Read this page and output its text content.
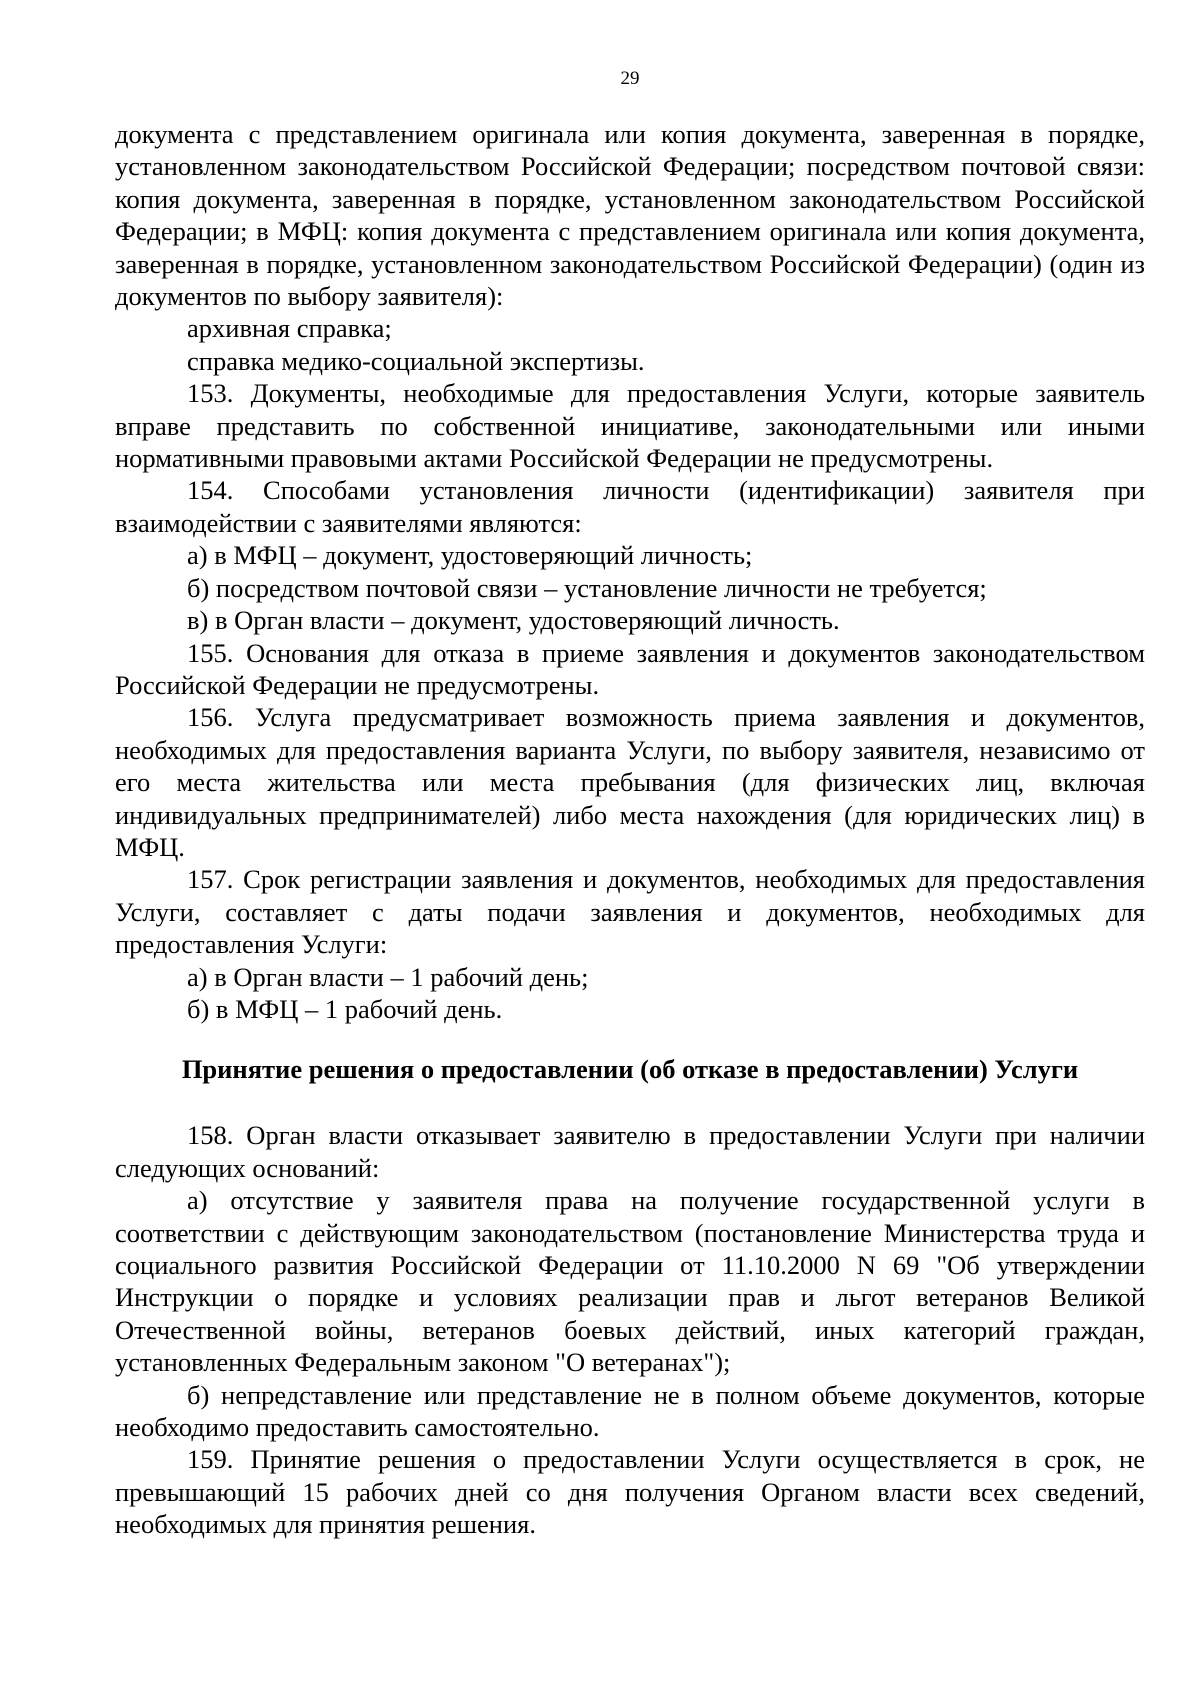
29

документа с представлением оригинала или копия документа, заверенная в порядке, установленном законодательством Российской Федерации; посредством почтовой связи: копия документа, заверенная в порядке, установленном законодательством Российской Федерации; в МФЦ: копия документа с представлением оригинала или копия документа, заверенная в порядке, установленном законодательством Российской Федерации) (один из документов по выбору заявителя):

архивная справка;

справка медико-социальной экспертизы.

153. Документы, необходимые для предоставления Услуги, которые заявитель вправе представить по собственной инициативе, законодательными или иными нормативными правовыми актами Российской Федерации не предусмотрены.

154. Способами установления личности (идентификации) заявителя при взаимодействии с заявителями являются:

а) в МФЦ – документ, удостоверяющий личность;

б) посредством почтовой связи – установление личности не требуется;

в) в Орган власти – документ, удостоверяющий личность.

155. Основания для отказа в приеме заявления и документов законодательством Российской Федерации не предусмотрены.

156. Услуга предусматривает возможность приема заявления и документов, необходимых для предоставления варианта Услуги, по выбору заявителя, независимо от его места жительства или места пребывания (для физических лиц, включая индивидуальных предпринимателей) либо места нахождения (для юридических лиц) в МФЦ.

157. Срок регистрации заявления и документов, необходимых для предоставления Услуги, составляет с даты подачи заявления и документов, необходимых для предоставления Услуги:

а) в Орган власти – 1 рабочий день;

б) в МФЦ – 1 рабочий день.

Принятие решения о предоставлении (об отказе в предоставлении) Услуги

158. Орган власти отказывает заявителю в предоставлении Услуги при наличии следующих оснований:

а) отсутствие у заявителя права на получение государственной услуги в соответствии с действующим законодательством (постановление Министерства труда и социального развития Российской Федерации от 11.10.2000 N 69 "Об утверждении Инструкции о порядке и условиях реализации прав и льгот ветеранов Великой Отечественной войны, ветеранов боевых действий, иных категорий граждан, установленных Федеральным законом "О ветеранах");

б) непредставление или представление не в полном объеме документов, которые необходимо предоставить самостоятельно.

159. Принятие решения о предоставлении Услуги осуществляется в срок, не превышающий 15 рабочих дней со дня получения Органом власти всех сведений, необходимых для принятия решения.
